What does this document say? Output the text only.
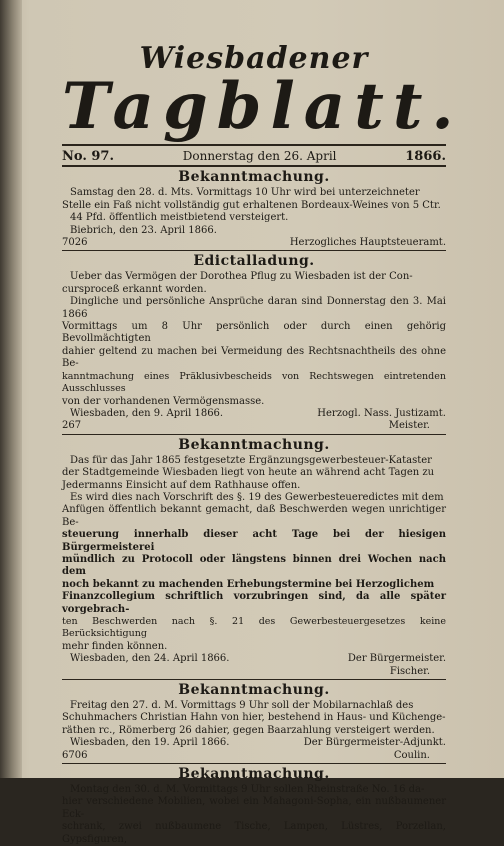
Wiesbadener
Tagblatt.
No. 97.	Donnerstag den 26. April	1866.
Bekanntmachung.

Samstag den 28. d. Mts. Vormittags 10 Uhr wird bei unterzeichneter

Stelle ein Faß nicht vollständig gut erhaltenen Bordeaux-Weines von 5 Ctr.

44 Pfd. öffentlich meistbietend versteigert.

Biebrich, den 23. April 1866.

7026	Herzogliches Hauptsteueramt.
Edictalladung.

Ueber das Vermögen der Dorothea Pflug zu Wiesbaden ist der Con-

cursproceß erkannt worden.

Dingliche und persönliche Ansprüche daran sind Donnerstag den 3. Mai 1866

Vormittags um 8 Uhr persönlich oder durch einen gehörig Bevollmächtigten

dahier geltend zu machen bei Vermeidung des Rechtsnachtheils des ohne Be-

kanntmachung eines Präklusivbescheids von Rechtswegen eintretenden Ausschlusses

von der vorhandenen Vermögensmasse.

Wiesbaden, den 9. April 1866.	Herzogl. Nass. Justizamt.
267	Meister.
Bekanntmachung.

Das für das Jahr 1865 festgesetzte Ergänzungsgewerbesteuer-Kataster

der Stadtgemeinde Wiesbaden liegt von heute an während acht Tagen zu

Jedermanns Einsicht auf dem Rathhause offen.

Es wird dies nach Vorschrift des §. 19 des Gewerbesteueredictes mit dem

Anfügen öffentlich bekannt gemacht, daß Beschwerden wegen unrichtiger Be-

steuerung innerhalb dieser acht Tage bei der hiesigen Bürgermeisterei

mündlich zu Protocoll oder längstens binnen drei Wochen nach dem

noch bekannt zu machenden Erhebungstermine bei Herzoglichem

Finanzcollegium schriftlich vorzubringen sind, da alle später vorgebrach-

ten Beschwerden nach §. 21 des Gewerbesteuergesetzes keine Berücksichtigung

mehr finden können.

Wiesbaden, den 24. April 1866.	Der Bürgermeister.
Fischer.
Bekanntmachung.

Freitag den 27. d. M. Vormittags 9 Uhr soll der Mobilarnachlaß des

Schuhmachers Christian Hahn von hier, bestehend in Haus- und Küchenge-

räthen rc., Römerberg 26 dahier, gegen Baarzahlung versteigert werden.

Wiesbaden, den 19. April 1866.	Der Bürgermeister-Adjunkt.
6706	Coulin.
Bekanntmachung.

Montag den 30. d. M. Vormittags 9 Uhr sollen Rheinstraße No. 16 da-

hier verschiedene Mobilien, wobei ein Mahagoni-Sopha, ein nußbaumener Eck-

schrank, zwei nußbaumene Tische, Lampen, Lüstres, Porzellan, Gypsfiguren,
